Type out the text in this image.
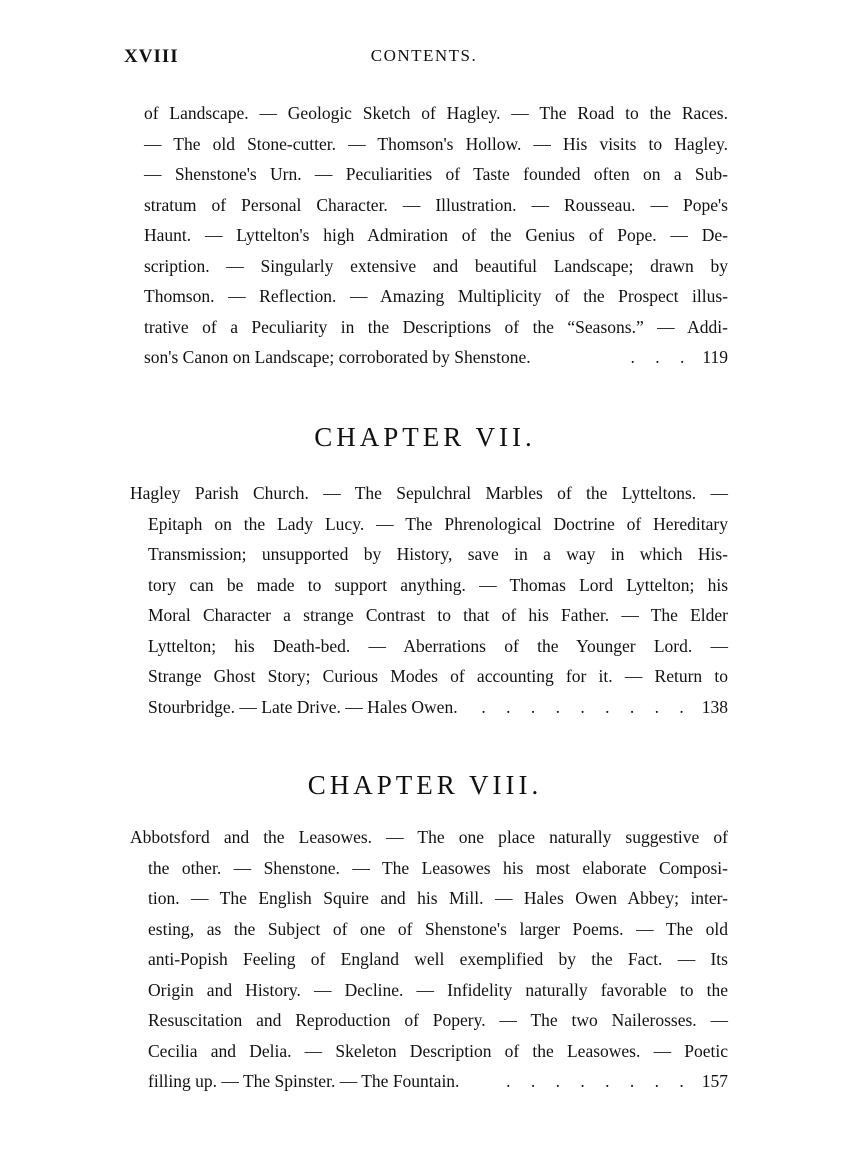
XVIII	CONTENTS.
of Landscape. — Geologic Sketch of Hagley. — The Road to the Races.
— The old Stone-cutter. — Thomson's Hollow. — His visits to Hagley.
— Shenstone's Urn. — Peculiarities of Taste founded often on a Sub-
stratum of Personal Character. — Illustration. — Rousseau. — Pope's
Haunt. — Lyttelton's high Admiration of the Genius of Pope. — De-
scription. — Singularly extensive and beautiful Landscape; drawn by
Thomson. — Reflection. — Amazing Multiplicity of the Prospect illus-
trative of a Peculiarity in the Descriptions of the “Seasons.” — Addi-
son's Canon on Landscape; corroborated by Shenstone.	. . . 119
CHAPTER VII.
Hagley Parish Church. — The Sepulchral Marbles of the Lytteltons. —
Epitaph on the Lady Lucy. — The Phrenological Doctrine of Hereditary
Transmission; unsupported by History, save in a way in which His-
tory can be made to support anything. — Thomas Lord Lyttelton; his
Moral Character a strange Contrast to that of his Father. — The Elder
Lyttelton; his Death-bed. — Aberrations of the Younger Lord. —
Strange Ghost Story; Curious Modes of accounting for it. — Return to
Stourbridge. — Late Drive. — Hales Owen.	. . . . . . . . . 138
CHAPTER VIII.
Abbotsford and the Leasowes. — The one place naturally suggestive of
the other. — Shenstone. — The Leasowes his most elaborate Composi-
tion. — The English Squire and his Mill. — Hales Owen Abbey; inter-
esting, as the Subject of one of Shenstone's larger Poems. — The old
anti-Popish Feeling of England well exemplified by the Fact. — Its
Origin and History. — Decline. — Infidelity naturally favorable to the
Resuscitation and Reproduction of Popery. — The two Nailerosses. —
Cecilia and Delia. — Skeleton Description of the Leasowes. — Poetic
filling up. — The Spinster. — The Fountain.	. . . . . . . . 157
